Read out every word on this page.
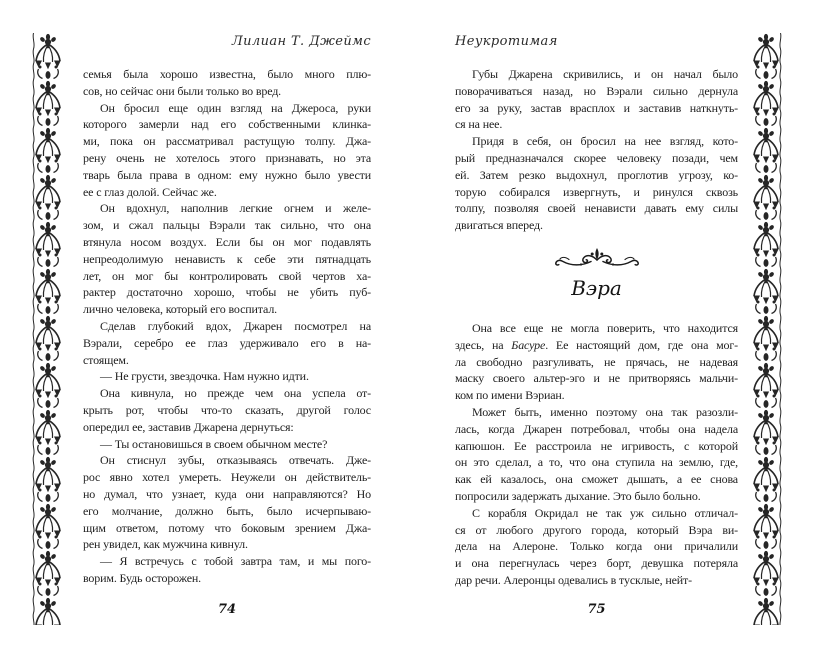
Лилиан Т. Джеймс
семья была хорошо известна, было много плю-
сов, но сейчас они были только во вред.
Он бросил еще один взгляд на Джероса, руки
которого замерли над его собственными клинка-
ми, пока он рассматривал растущую толпу. Джа-
рену очень не хотелось этого признавать, но эта
тварь была права в одном: ему нужно было увести
ее с глаз долой. Сейчас же.
Он вдохнул, наполнив легкие огнем и желе-
зом, и сжал пальцы Вэрали так сильно, что она
втянула носом воздух. Если бы он мог подавлять
непреодолимую ненависть к себе эти пятнадцать
лет, он мог бы контролировать свой чертов ха-
рактер достаточно хорошо, чтобы не убить пуб-
лично человека, который его воспитал.
Сделав глубокий вдох, Джарен посмотрел на
Вэрали, серебро ее глаз удерживало его в на-
стоящем.
— Не грусти, звездочка. Нам нужно идти.
Она кивнула, но прежде чем она успела от-
крыть рот, чтобы что-то сказать, другой голос
опередил ее, заставив Джарена дернуться:
— Ты остановишься в своем обычном месте?
Он стиснул зубы, отказываясь отвечать. Дже-
рос явно хотел умереть. Неужели он действитель-
но думал, что узнает, куда они направляются? Но
его молчание, должно быть, было исчерпываю-
щим ответом, потому что боковым зрением Джа-
рен увидел, как мужчина кивнул.
— Я встречусь с тобой завтра там, и мы пого-
ворим. Будь осторожен.
74
Неукротимая
Губы Джарена скривились, и он начал было
поворачиваться назад, но Вэрали сильно дернула
его за руку, застав врасплох и заставив наткнуть-
ся на нее.
Придя в себя, он бросил на нее взгляд, кото-
рый предназначался скорее человеку позади, чем
ей. Затем резко выдохнул, проглотив угрозу, ко-
торую собирался извергнуть, и ринулся сквозь
толпу, позволяя своей ненависти давать ему силы
двигаться вперед.
Вэра
Она все еще не могла поверить, что находится
здесь, на Басуре. Ее настоящий дом, где она мог-
ла свободно разгуливать, не прячась, не надевая
маску своего альтер-эго и не притворяясь мальчи-
ком по имени Вэриан.
Может быть, именно поэтому она так разозли-
лась, когда Джарен потребовал, чтобы она надела
капюшон. Ее расстроила не игривость, с которой
он это сделал, а то, что она ступила на землю, где,
как ей казалось, она сможет дышать, а ее снова
попросили задержать дыхание. Это было больно.
С корабля Окридал не так уж сильно отличал-
ся от любого другого города, который Вэра ви-
дела на Алероне. Только когда они причалили
и она перегнулась через борт, девушка потеряла
дар речи. Алеронцы одевались в тусклые, нейт-
75
